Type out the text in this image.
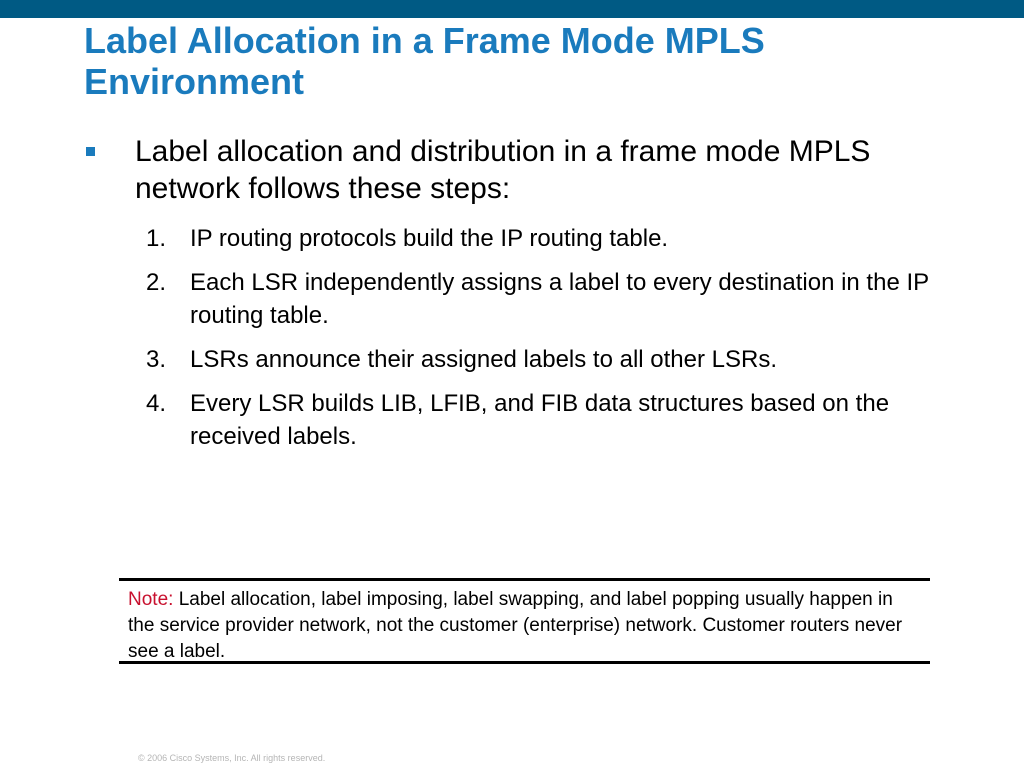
Label Allocation in a Frame Mode MPLS
Environment
Label allocation and distribution in a frame mode MPLS network follows these steps:
1. IP routing protocols build the IP routing table.
2. Each LSR independently assigns a label to every destination in the IP routing table.
3. LSRs announce their assigned labels to all other LSRs.
4. Every LSR builds LIB, LFIB, and FIB data structures based on the received labels.

Note: Label allocation, label imposing, label swapping, and label popping usually happen in the service provider network, not the customer (enterprise) network. Customer routers never see a label.

© 2006 Cisco Systems, Inc. All rights reserved.
